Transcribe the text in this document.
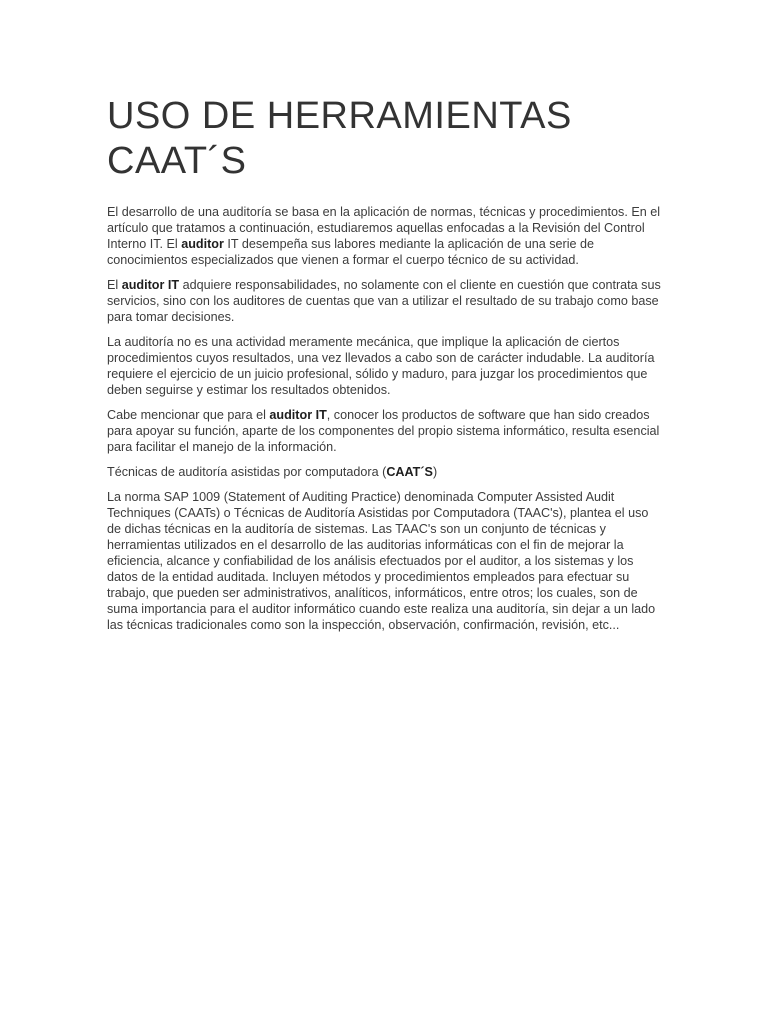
USO DE HERRAMIENTAS CAAT´S

El desarrollo de una auditoría se basa en la aplicación de normas, técnicas y procedimientos. En el artículo que tratamos a continuación, estudiaremos aquellas enfocadas a la Revisión del Control Interno IT. El auditor IT desempeña sus labores mediante la aplicación de una serie de conocimientos especializados que vienen a formar el cuerpo técnico de su actividad.

El auditor IT adquiere responsabilidades, no solamente con el cliente en cuestión que contrata sus servicios, sino con los auditores de cuentas que van a utilizar el resultado de su trabajo como base para tomar decisiones.

La auditoría no es una actividad meramente mecánica, que implique la aplicación de ciertos procedimientos cuyos resultados, una vez llevados a cabo son de carácter indudable. La auditoría requiere el ejercicio de un juicio profesional, sólido y maduro, para juzgar los procedimientos que deben seguirse y estimar los resultados obtenidos.

Cabe mencionar que para el auditor IT, conocer los productos de software que han sido creados para apoyar su función, aparte de los componentes del propio sistema informático, resulta esencial para facilitar el manejo de la información.

Técnicas de auditoría asistidas por computadora (CAAT´S)

La norma SAP 1009 (Statement of Auditing Practice) denominada Computer Assisted Audit Techniques (CAATs) o Técnicas de Auditoría Asistidas por Computadora (TAAC's), plantea el uso de dichas técnicas en la auditoría de sistemas. Las TAAC's son un conjunto de técnicas y herramientas utilizados en el desarrollo de las auditorias informáticas con el fin de mejorar la eficiencia, alcance y confiabilidad de los análisis efectuados por el auditor, a los sistemas y los datos de la entidad auditada. Incluyen métodos y procedimientos empleados para efectuar su trabajo, que pueden ser administrativos, analíticos, informáticos, entre otros; los cuales, son de suma importancia para el auditor informático cuando este realiza una auditoría, sin dejar a un lado las técnicas tradicionales como son la inspección, observación, confirmación, revisión, etc...
